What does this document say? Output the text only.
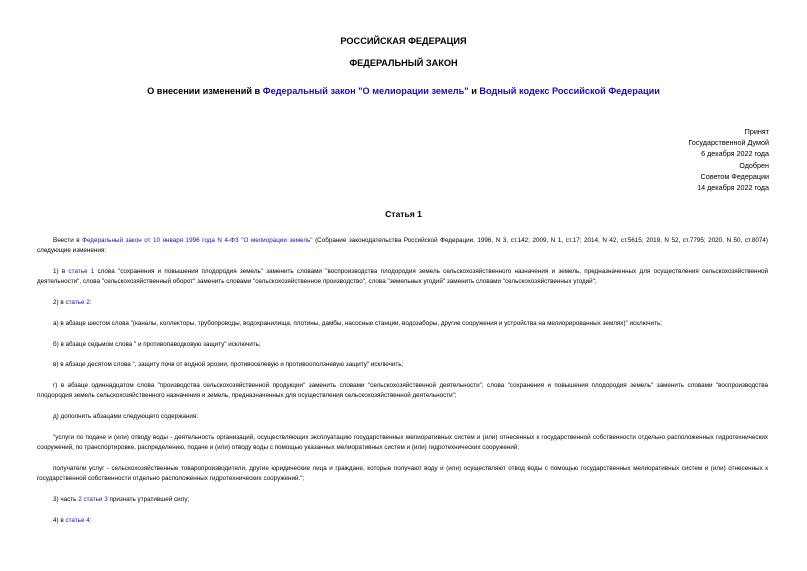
РОССИЙСКАЯ ФЕДЕРАЦИЯ
ФЕДЕРАЛЬНЫЙ ЗАКОН
О внесении изменений в Федеральный закон "О мелиорации земель" и Водный кодекс Российской Федерации
Принят
Государственной Думой
6 декабря 2022 года
Одобрен
Советом Федерации
14 декабря 2022 года
Статья 1

Внести в Федеральный закон от 10 января 1996 года N 4-ФЗ "О мелиорации земель" (Собрание законодательства Российской Федерации, 1996, N 3, ст.142; 2009, N 1, ст.17; 2014, N 42, ст.5615; 2019, N 52, ст.7795; 2020, N 50, ст.8074) следующие изменения:

1) в статье 1 слова "сохранения и повышения плодородия земель" заменить словами "воспроизводства плодородия земель сельскохозяйственного назначения и земель, предназначенных для осуществления сельскохозяйственной деятельности", слова "сельскохозяйственный оборот" заменить словами "сельскохозяйственное производство", слова "земельных угодий" заменить словами "сельскохозяйственных угодий";

2) в статье 2:

а) в абзаце шестом слова "(каналы, коллекторы, трубопроводы, водохранилища, плотины, дамбы, насосные станции, водозаборы, другие сооружения и устройства на мелиорированных землях)" исключить;

б) в абзаце седьмом слова " и противопаводковую защиту" исключить;

в) в абзаце десятом слова ", защиту почв от водной эрозии, противоселевую и противооползневую защиту" исключить;

г) в абзаце одиннадцатом слова "производства сельскохозяйственной продукции" заменить словами "сельскохозяйственной деятельности", слова "сохранения и повышения плодородия земель" заменить словами "воспроизводства плодородия земель сельскохозяйственного назначения и земель, предназначенных для осуществления сельскохозяйственной деятельности";

д) дополнить абзацами следующего содержания:

"услуги по подаче и (или) отводу воды - деятельность организаций, осуществляющих эксплуатацию государственных мелиоративных систем и (или) отнесенных к государственной собственности отдельно расположенных гидротехнических сооружений, по транспортировке, распределению, подаче и (или) отводу воды с помощью указанных мелиоративных систем и (или) гидротехнических сооружений;

получатели услуг - сельскохозяйственные товаропроизводители, другие юридические лица и граждане, которые получают воду и (или) осуществляют отвод воды с помощью государственных мелиоративных систем и (или) отнесенных к государственной собственности отдельно расположенных гидротехнических сооружений.";

3) часть 2 статьи 3 признать утратившей силу;

4) в статье 4:
